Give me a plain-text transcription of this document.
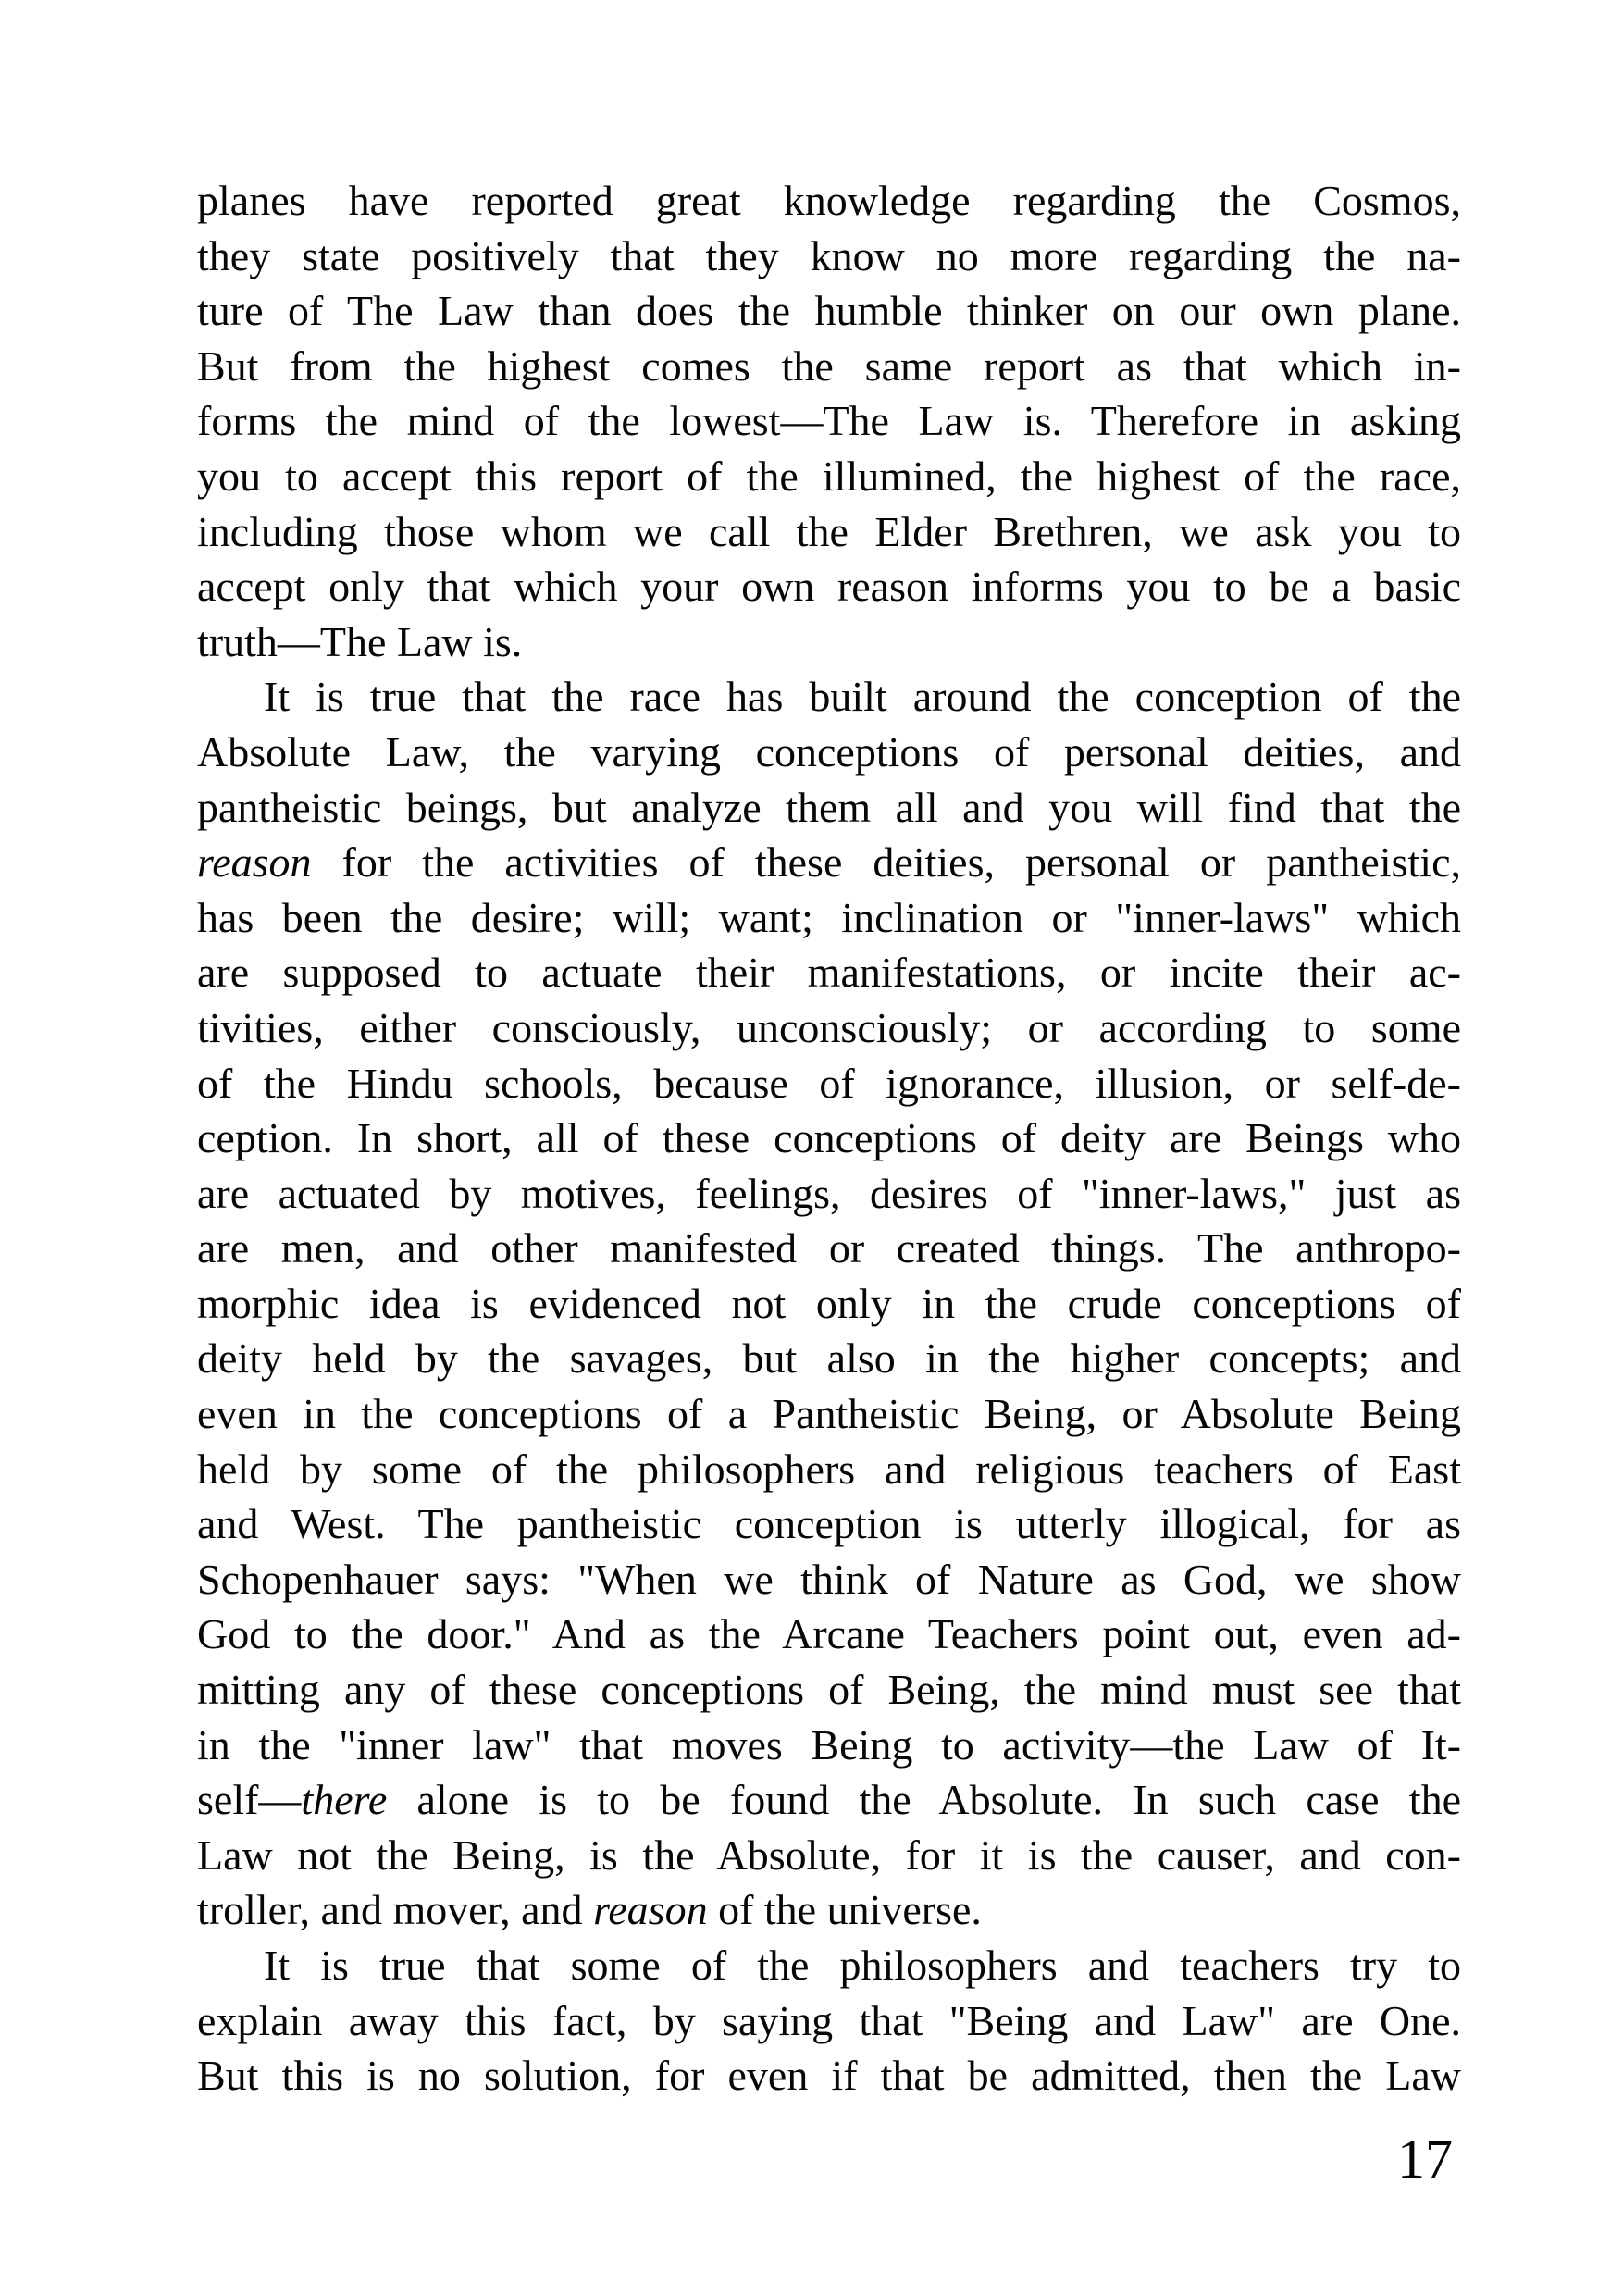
planes have reported great knowledge regarding the Cosmos,
they state positively that they know no more regarding the na-
ture of The Law than does the humble thinker on our own plane.
But from the highest comes the same report as that which in-
forms the mind of the lowest—The Law is. Therefore in asking
you to accept this report of the illumined, the highest of the race,
including those whom we call the Elder Brethren, we ask you to
accept only that which your own reason informs you to be a basic
truth—The Law is.

It is true that the race has built around the conception of the
Absolute Law, the varying conceptions of personal deities, and
pantheistic beings, but analyze them all and you will find that the
reason for the activities of these deities, personal or pantheistic,
has been the desire; will; want; inclination or "inner-laws" which
are supposed to actuate their manifestations, or incite their ac-
tivities, either consciously, unconsciously; or according to some
of the Hindu schools, because of ignorance, illusion, or self-de-
ception. In short, all of these conceptions of deity are Beings who
are actuated by motives, feelings, desires of "inner-laws," just as
are men, and other manifested or created things. The anthropo-
morphic idea is evidenced not only in the crude conceptions of
deity held by the savages, but also in the higher concepts; and
even in the conceptions of a Pantheistic Being, or Absolute Being
held by some of the philosophers and religious teachers of East
and West. The pantheistic conception is utterly illogical, for as
Schopenhauer says: "When we think of Nature as God, we show
God to the door." And as the Arcane Teachers point out, even ad-
mitting any of these conceptions of Being, the mind must see that
in the "inner law" that moves Being to activity—the Law of It-
self—there alone is to be found the Absolute. In such case the
Law not the Being, is the Absolute, for it is the causer, and con-
troller, and mover, and reason of the universe.

It is true that some of the philosophers and teachers try to
explain away this fact, by saying that "Being and Law" are One.
But this is no solution, for even if that be admitted, then the Law

17
